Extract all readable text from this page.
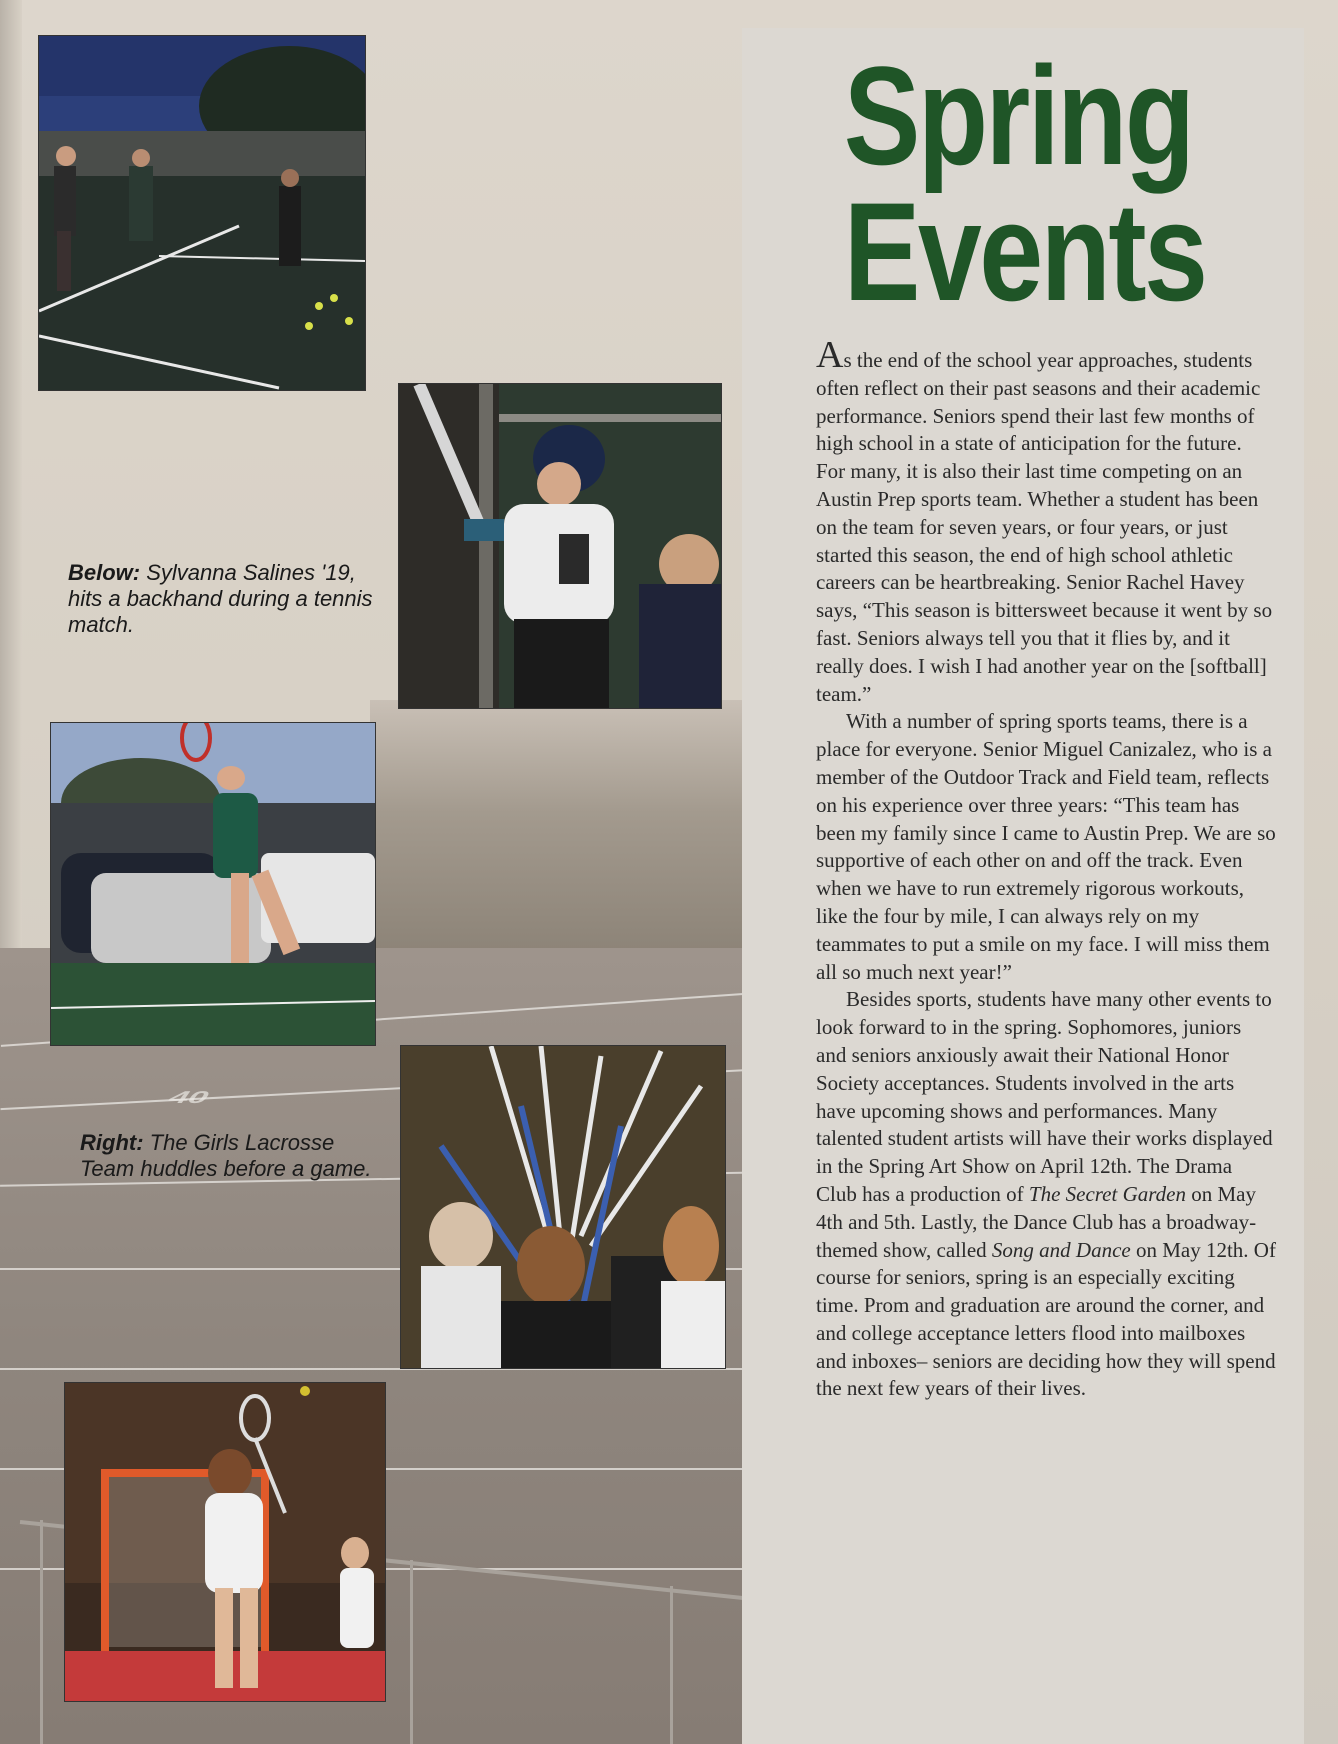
40
Below: Sylvanna Salines '19, hits a backhand during a tennis match.
Right: The Girls Lacrosse Team huddles before a game.
Spring
Events

As the end of the school year approaches, students often reflect on their past seasons and their academic performance. Seniors spend their last few months of high school in a state of anticipation for the future. For many, it is also their last time competing on an Austin Prep sports team. Whether a student has been on the team for seven years, or four years, or just started this season, the end of high school athletic careers can be heartbreaking. Senior Rachel Havey says, “This season is bittersweet because it went by so fast. Seniors always tell you that it flies by, and it really does. I wish I had another year on the [softball] team.”

With a number of spring sports teams, there is a place for everyone. Senior Miguel Canizalez, who is a member of the Outdoor Track and Field team, reflects on his experience over three years: “This team has been my family since I came to Austin Prep. We are so supportive of each other on and off the track. Even when we have to run extremely rigorous workouts, like the four by mile, I can always rely on my teammates to put a smile on my face. I will miss them all so much next year!”

Besides sports, students have many other events to look forward to in the spring. Sophomores, juniors and seniors anxiously await their National Honor Society acceptances. Students involved in the arts have upcoming shows and performances. Many talented student artists will have their works displayed in the Spring Art Show on April 12th. The Drama Club has a production of The Secret Garden on May 4th and 5th. Lastly, the Dance Club has a broadway-themed show, called Song and Dance on May 12th. Of course for seniors, spring is an especially exciting time. Prom and graduation are around the corner, and and college acceptance letters flood into mailboxes and inboxes– seniors are deciding how they will spend the next few years of their lives.
